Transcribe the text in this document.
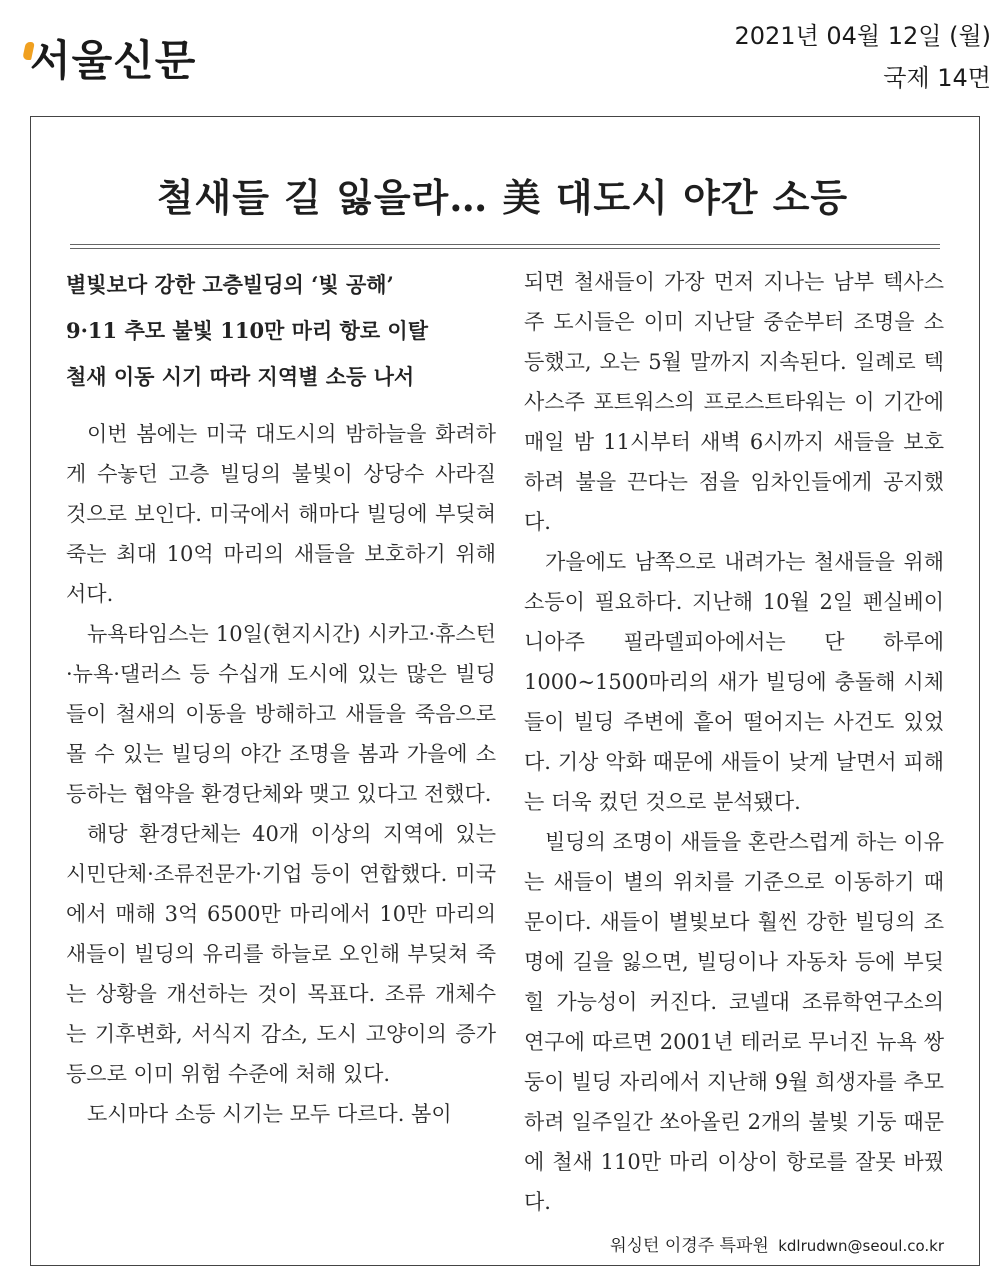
서울신문	2021년 04월 12일 (월)
국제 14면
철새들 길 잃을라… 美 대도시 야간 소등
별빛보다 강한 고층빌딩의 ‘빛 공해’
9·11 추모 불빛 110만 마리 항로 이탈
철새 이동 시기 따라 지역별 소등 나서

이번 봄에는 미국 대도시의 밤하늘을 화려하게 수놓던 고층 빌딩의 불빛이 상당수 사라질 것으로 보인다. 미국에서 해마다 빌딩에 부딪혀 죽는 최대 10억 마리의 새들을 보호하기 위해서다.

뉴욕타임스는 10일(현지시간) 시카고·휴스턴·뉴욕·댈러스 등 수십개 도시에 있는 많은 빌딩들이 철새의 이동을 방해하고 새들을 죽음으로 몰 수 있는 빌딩의 야간 조명을 봄과 가을에 소등하는 협약을 환경단체와 맺고 있다고 전했다.

해당 환경단체는 40개 이상의 지역에 있는 시민단체·조류전문가·기업 등이 연합했다. 미국에서 매해 3억 6500만 마리에서 10만 마리의 새들이 빌딩의 유리를 하늘로 오인해 부딪쳐 죽는 상황을 개선하는 것이 목표다. 조류 개체수는 기후변화, 서식지 감소, 도시 고양이의 증가 등으로 이미 위험 수준에 처해 있다.

도시마다 소등 시기는 모두 다르다. 봄이

되면 철새들이 가장 먼저 지나는 남부 텍사스주 도시들은 이미 지난달 중순부터 조명을 소등했고, 오는 5월 말까지 지속된다. 일례로 텍사스주 포트워스의 프로스트타워는 이 기간에 매일 밤 11시부터 새벽 6시까지 새들을 보호하려 불을 끈다는 점을 임차인들에게 공지했다.

가을에도 남쪽으로 내려가는 철새들을 위해 소등이 필요하다. 지난해 10월 2일 펜실베이니아주 필라델피아에서는 단 하루에 1000~1500마리의 새가 빌딩에 충돌해 시체들이 빌딩 주변에 흩어 떨어지는 사건도 있었다. 기상 악화 때문에 새들이 낮게 날면서 피해는 더욱 컸던 것으로 분석됐다.

빌딩의 조명이 새들을 혼란스럽게 하는 이유는 새들이 별의 위치를 기준으로 이동하기 때문이다. 새들이 별빛보다 훨씬 강한 빌딩의 조명에 길을 잃으면, 빌딩이나 자동차 등에 부딪힐 가능성이 커진다. 코넬대 조류학연구소의 연구에 따르면 2001년 테러로 무너진 뉴욕 쌍둥이 빌딩 자리에서 지난해 9월 희생자를 추모하려 일주일간 쏘아올린 2개의 불빛 기둥 때문에 철새 110만 마리 이상이 항로를 잘못 바꿨다.

워싱턴 이경주 특파원 kdlrudwn@seoul.co.kr
